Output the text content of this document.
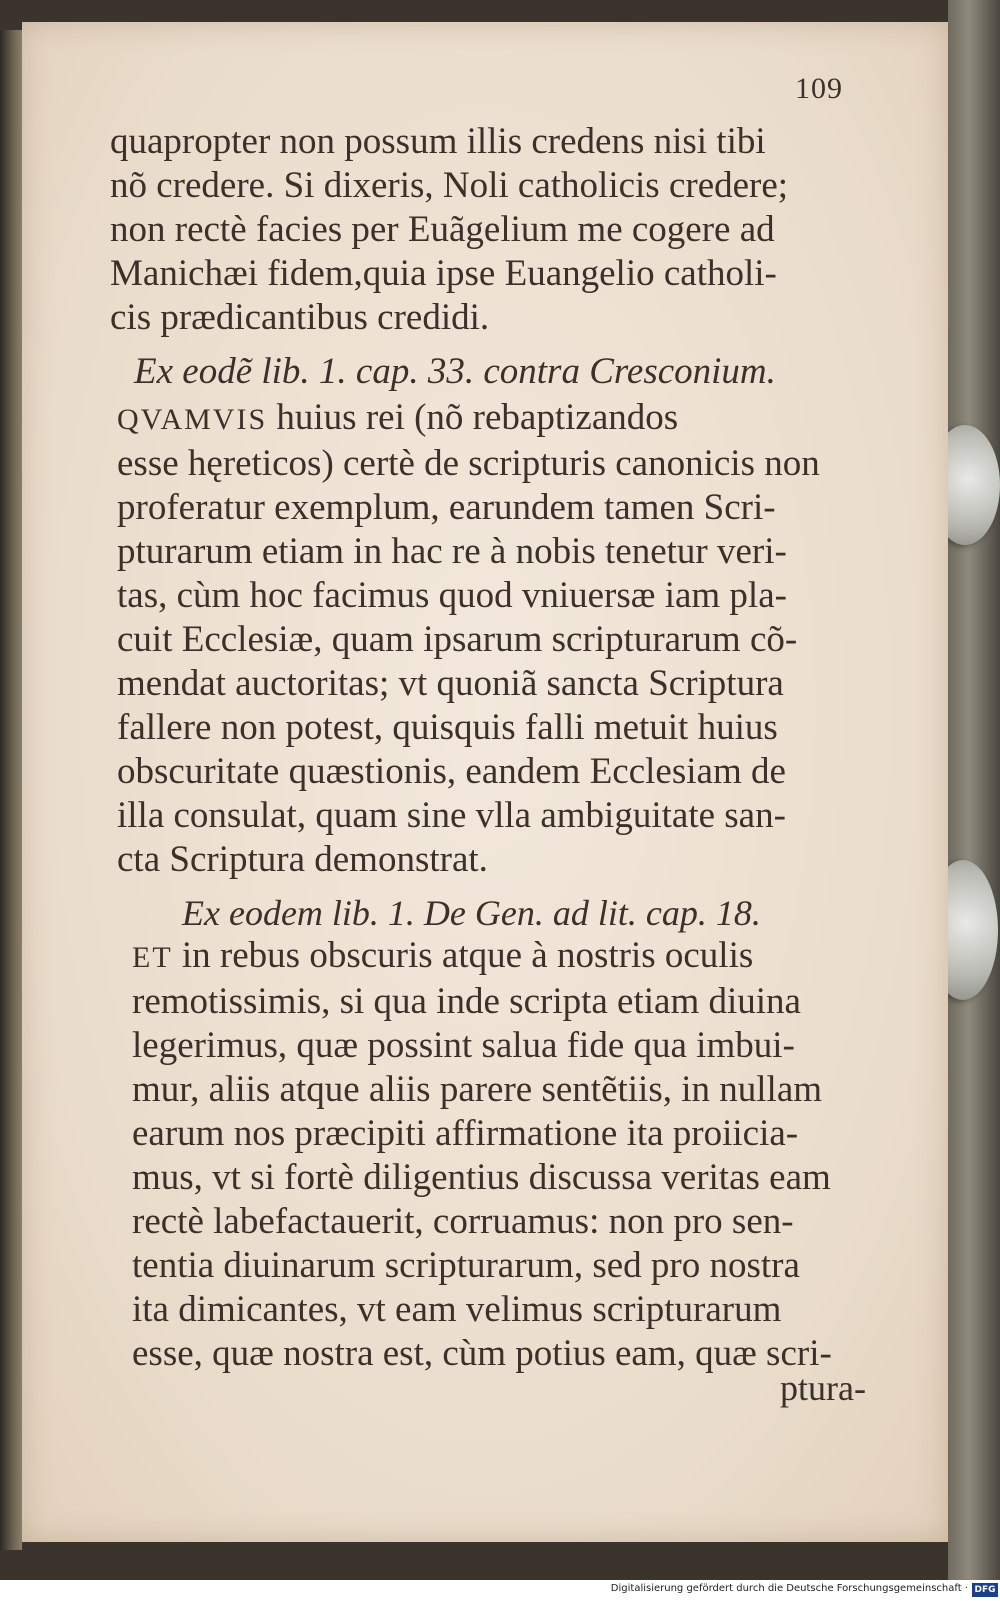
109
quapropter non possum illis credens nisi tibi
nõ credere. Si dixeris, Noli catholicis credere;
non rectè facies per Euãgelium me cogere ad
Manichæi fidem,quia ipse Euangelio catholi-
cis prædicantibus credidi.
Ex eodẽ lib. 1. cap. 33. contra Cresconium.
QVAMVIS huius rei (nõ rebaptizandos
esse hęreticos) certè de scripturis canonicis non
proferatur exemplum, earundem tamen Scri-
pturarum etiam in hac re à nobis tenetur veri-
tas, cùm hoc facimus quod vniuersæ iam pla-
cuit Ecclesiæ, quam ipsarum scripturarum cõ-
mendat auctoritas; vt quoniã sancta Scriptura
fallere non potest, quisquis falli metuit huius
obscuritate quæstionis, eandem Ecclesiam de
illa consulat, quam sine vlla ambiguitate san-
cta Scriptura demonstrat.
Ex eodem lib. 1. De Gen. ad lit. cap. 18.
ET in rebus obscuris atque à nostris oculis
remotissimis, si qua inde scripta etiam diuina
legerimus, quæ possint salua fide qua imbui-
mur, aliis atque aliis parere sentẽtiis, in nullam
earum nos præcipiti affirmatione ita proiicia-
mus, vt si fortè diligentius discussa veritas eam
rectè labefactauerit, corruamus: non pro sen-
tentia diuinarum scripturarum, sed pro nostra
ita dimicantes, vt eam velimus scripturarum
esse, quæ nostra est, cùm potius eam, quæ scri-
ptura-
Digitalisierung gefördert durch die Deutsche Forschungsgemeinschaft · DFG
